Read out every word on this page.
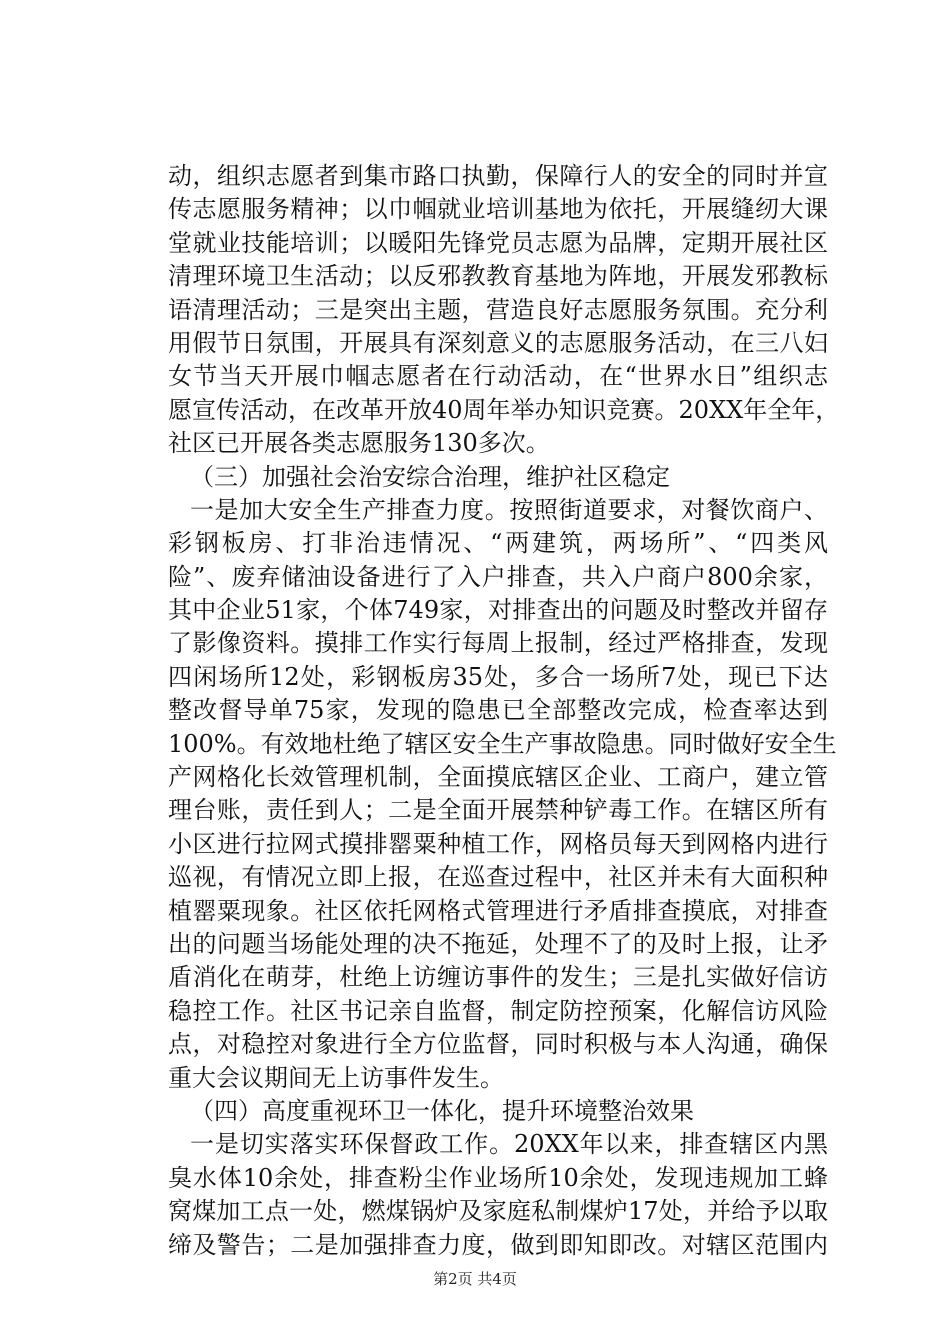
动，组织志愿者到集市路口执勤，保障行人的安全的同时并宣
传志愿服务精神；以巾帼就业培训基地为依托，开展缝纫大课
堂就业技能培训；以暖阳先锋党员志愿为品牌，定期开展社区
清理环境卫生活动；以反邪教教育基地为阵地，开展发邪教标
语清理活动；三是突出主题，营造良好志愿服务氛围。充分利
用假节日氛围，开展具有深刻意义的志愿服务活动，在三八妇
女节当天开展巾帼志愿者在行动活动，在“世界水日”组织志
愿宣传活动，在改革开放40周年举办知识竞赛。20XX年全年，
社区已开展各类志愿服务130多次。
（三）加强社会治安综合治理，维护社区稳定
一是加大安全生产排查力度。按照街道要求，对餐饮商户、
彩钢板房、打非治违情况、“两建筑，两场所”、“四类风
险”、废弃储油设备进行了入户排查，共入户商户800余家，
其中企业51家，个体749家，对排查出的问题及时整改并留存
了影像资料。摸排工作实行每周上报制，经过严格排查，发现
四闲场所12处，彩钢板房35处，多合一场所7处，现已下达
整改督导单75家，发现的隐患已全部整改完成，检查率达到
100%。有效地杜绝了辖区安全生产事故隐患。同时做好安全生
产网格化长效管理机制，全面摸底辖区企业、工商户，建立管
理台账，责任到人；二是全面开展禁种铲毒工作。在辖区所有
小区进行拉网式摸排罂粟种植工作，网格员每天到网格内进行
巡视，有情况立即上报，在巡查过程中，社区并未有大面积种
植罂粟现象。社区依托网格式管理进行矛盾排查摸底，对排查
出的问题当场能处理的决不拖延，处理不了的及时上报，让矛
盾消化在萌芽，杜绝上访缠访事件的发生；三是扎实做好信访
稳控工作。社区书记亲自监督，制定防控预案，化解信访风险
点，对稳控对象进行全方位监督，同时积极与本人沟通，确保
重大会议期间无上访事件发生。
（四）高度重视环卫一体化，提升环境整治效果
一是切实落实环保督政工作。20XX年以来，排查辖区内黑
臭水体10余处，排查粉尘作业场所10余处，发现违规加工蜂
窝煤加工点一处，燃煤锅炉及家庭私制煤炉17处，并给予以取
缔及警告；二是加强排查力度，做到即知即改。对辖区范围内
第2页 共4页
